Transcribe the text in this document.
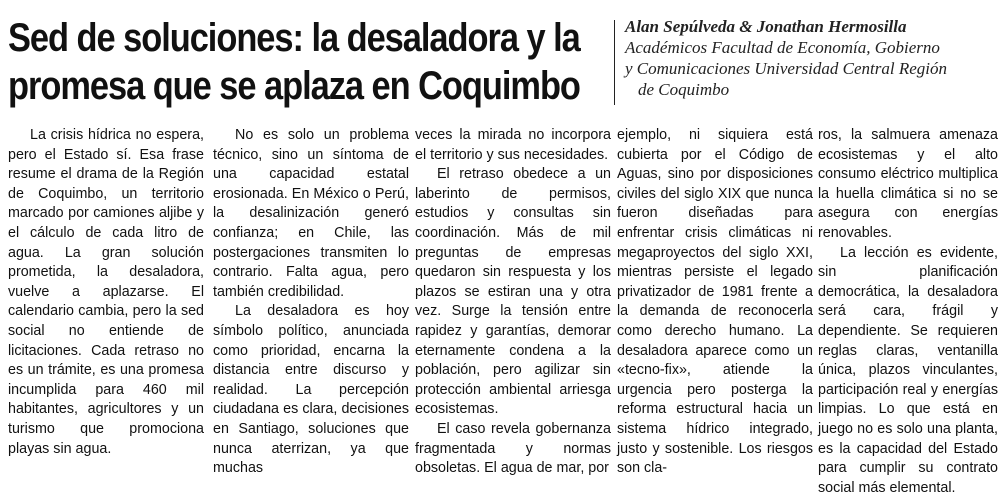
Sed de soluciones: la desaladora y la
promesa que se aplaza en Coquimbo
Alan Sepúlveda & Jonathan Hermosilla
Académicos Facultad de Economía, Gobierno
y Comunicaciones Universidad Central Región
de Coquimbo

La crisis hídrica no espera, pero el Estado sí. Esa frase resume el drama de la Región de Coquimbo, un territorio marcado por camiones aljibe y el cálculo de cada litro de agua. La gran solución prometida, la desaladora, vuelve a aplazarse. El calendario cambia, pero la sed social no entiende de licitaciones. Cada retraso no es un trámite, es una promesa incumplida para 460 mil habitantes, agricultores y un turismo que promociona playas sin agua.

No es solo un problema técnico, sino un síntoma de una capacidad estatal erosionada. En México o Perú, la desalinización generó confianza; en Chile, las postergaciones transmiten lo contrario. Falta agua, pero también credibilidad.

La desaladora es hoy símbolo político, anunciada como prioridad, encarna la distancia entre discurso y realidad. La percepción ciudadana es clara, decisiones en Santiago, soluciones que nunca aterrizan, ya que muchas

veces la mirada no incorpora el territorio y sus necesidades.

El retraso obedece a un laberinto de permisos, estudios y consultas sin coordinación. Más de mil preguntas de empresas quedaron sin respuesta y los plazos se estiran una y otra vez. Surge la tensión entre rapidez y garantías, demorar eternamente condena a la población, pero agilizar sin protección ambiental arriesga ecosistemas.

El caso revela gobernanza fragmentada y normas obsoletas. El agua de mar, por

ejemplo, ni siquiera está cubierta por el Código de Aguas, sino por disposiciones civiles del siglo XIX que nunca fueron diseñadas para enfrentar crisis climáticas ni megaproyectos del siglo XXI, mientras persiste el legado privatizador de 1981 frente a la demanda de reconocerla como derecho humano. La desaladora aparece como un «tecno-fix», atiende la urgencia pero posterga la reforma estructural hacia un sistema hídrico integrado, justo y sostenible. Los riesgos son cla-

ros, la salmuera amenaza ecosistemas y el alto consumo eléctrico multiplica la huella climática si no se asegura con energías renovables.

La lección es evidente, sin planificación democrática, la desaladora será cara, frágil y dependiente. Se requieren reglas claras, ventanilla única, plazos vinculantes, participación real y energías limpias. Lo que está en juego no es solo una planta, es la capacidad del Estado para cumplir su contrato social más elemental.
